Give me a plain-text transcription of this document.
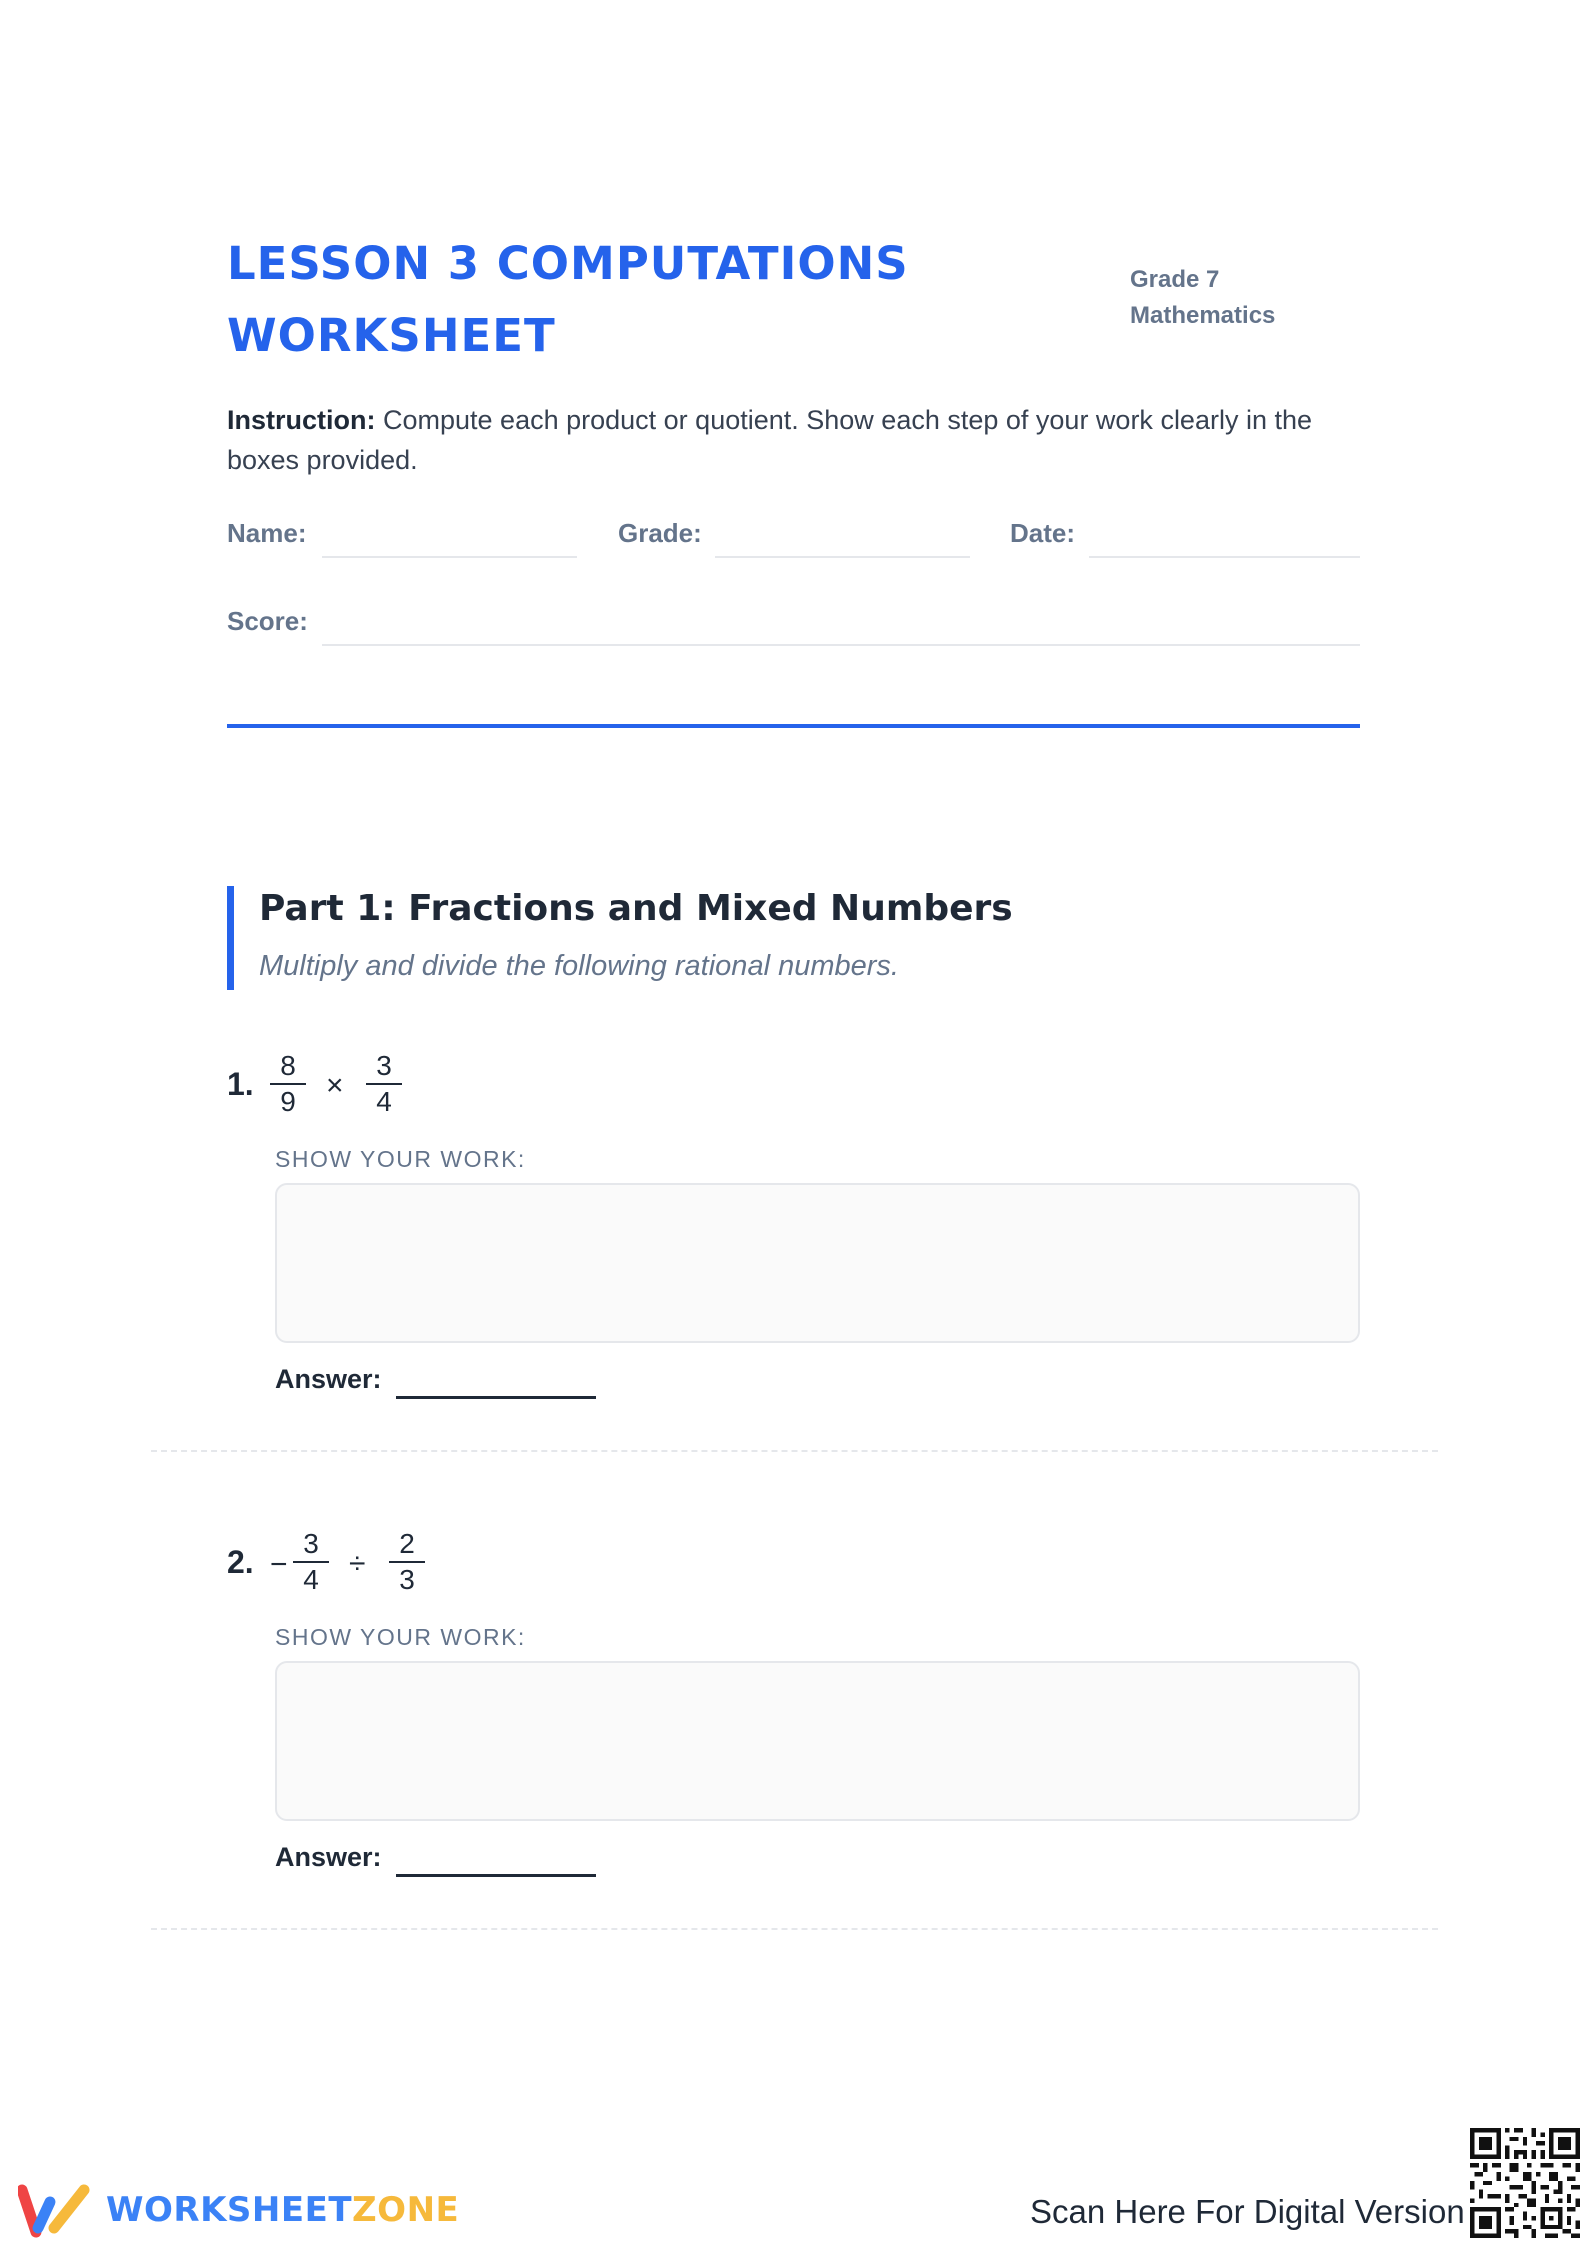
LESSON 3 COMPUTATIONS
WORKSHEET
Grade 7
Mathematics
Instruction: Compute each product or quotient. Show each step of your work clearly in the boxes provided.
Name:	Grade:	Date:
Score:
Part 1: Fractions and Mixed Numbers
Multiply and divide the following rational numbers.
1.
8
9	×
3
4
SHOW YOUR WORK:
Answer:
2. −
3
4	÷
2
3
SHOW YOUR WORK:
Answer:
WORKSHEETZONE	Scan Here For Digital Version
